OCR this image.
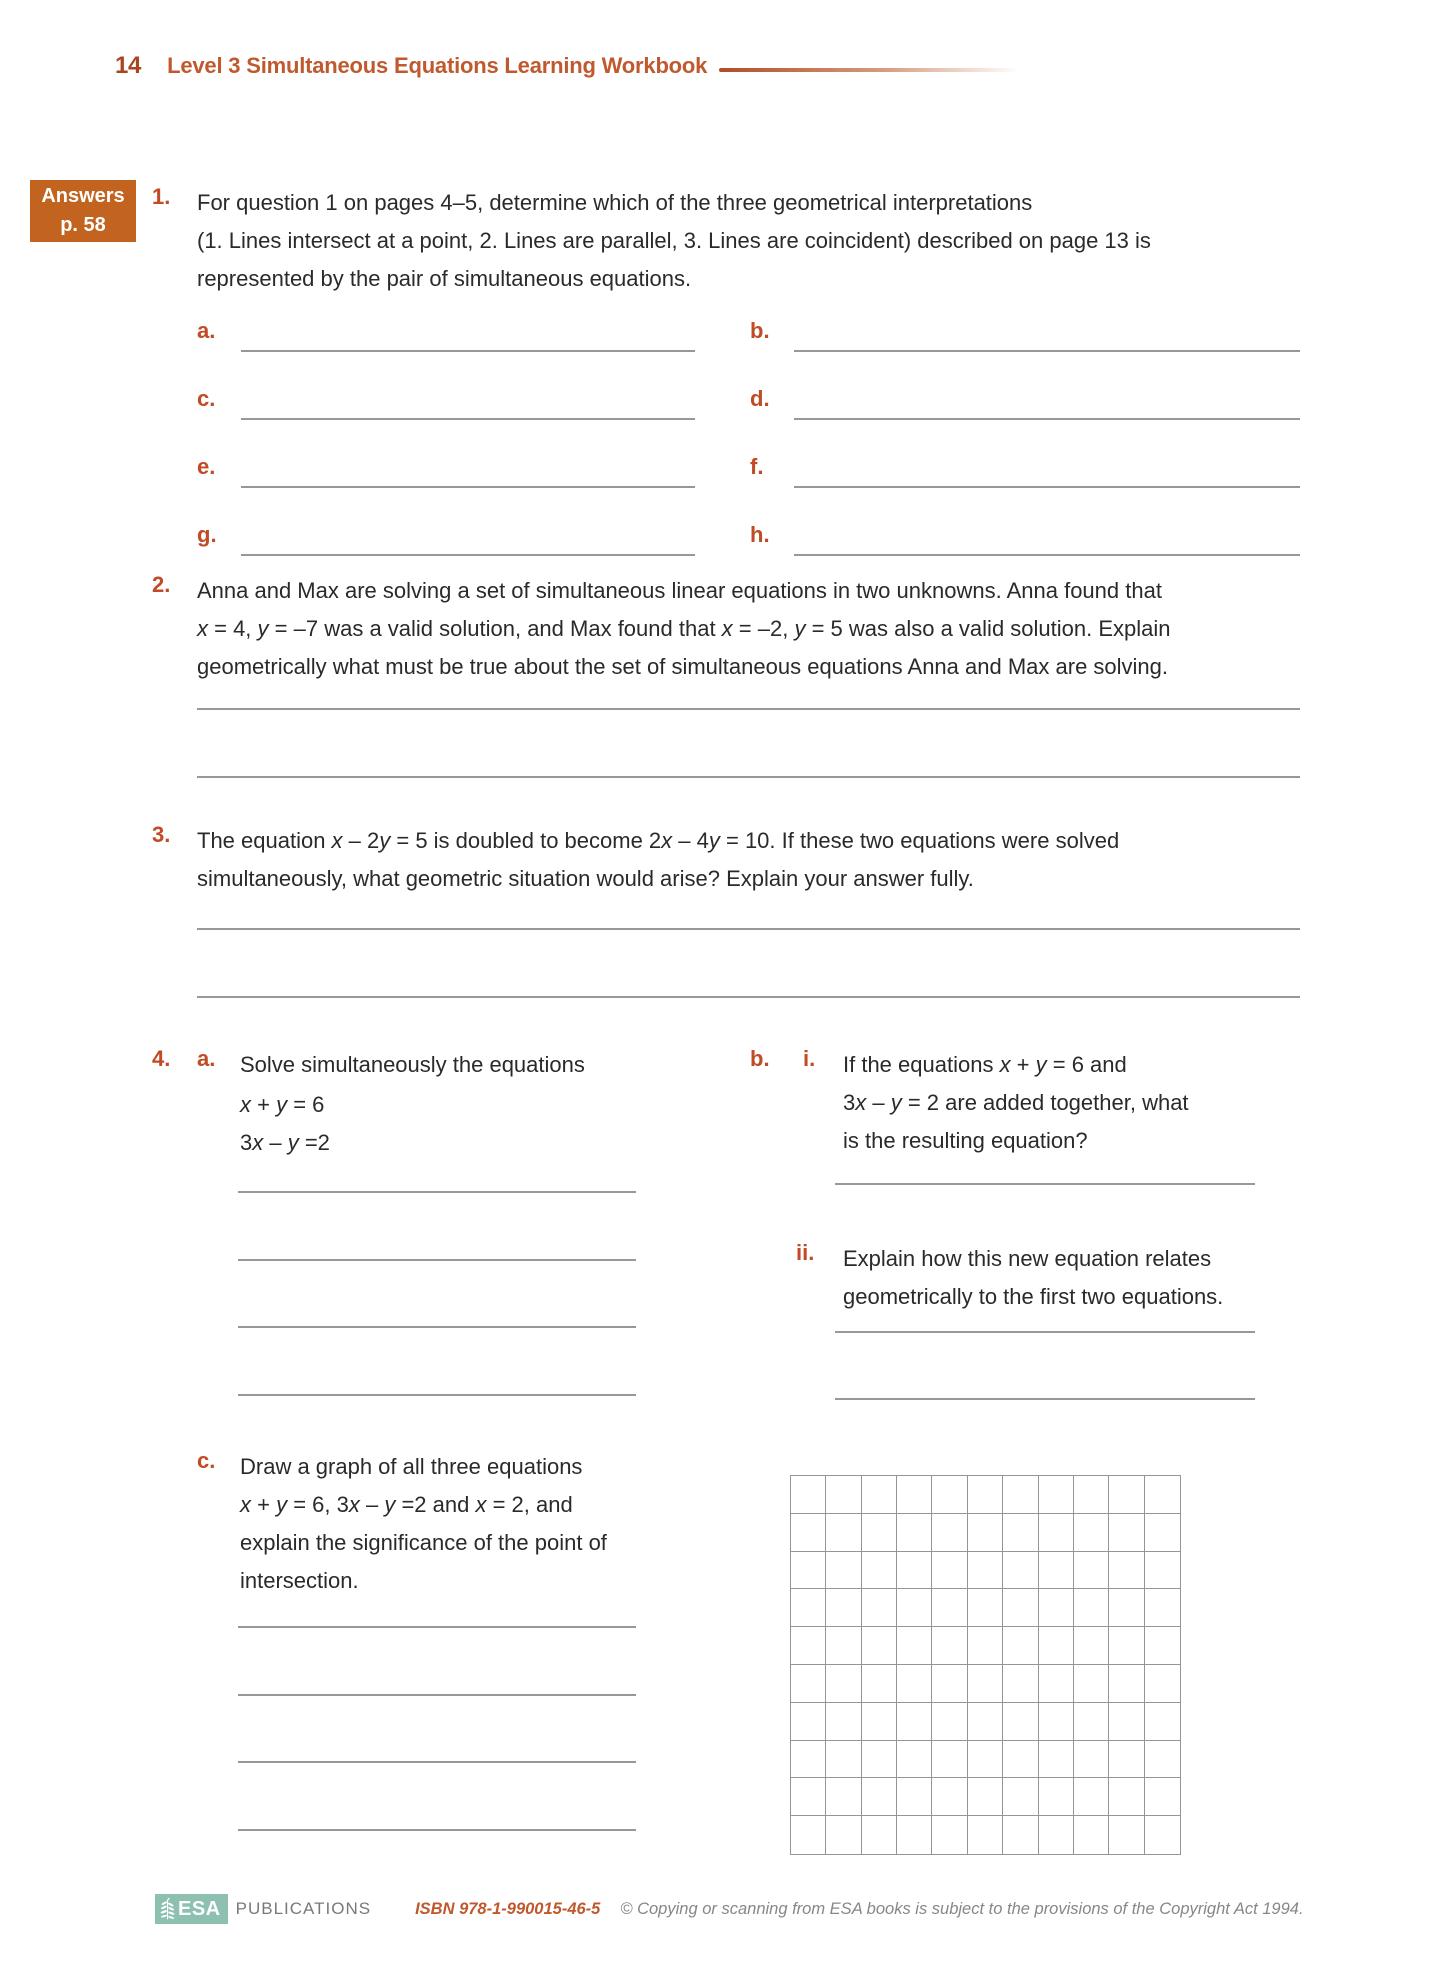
14 Level 3 Simultaneous Equations Learning Workbook
Answers
p. 58
1. For question 1 on pages 4–5, determine which of the three geometrical interpretations
(1. Lines intersect at a point, 2. Lines are parallel, 3. Lines are coincident) described on page 13 is
represented by the pair of simultaneous equations.
a.	b.
c.	d.
e.	f.
g.	h.
2. Anna and Max are solving a set of simultaneous linear equations in two unknowns. Anna found that
x = 4, y = –7 was a valid solution, and Max found that x = –2, y = 5 was also a valid solution. Explain
geometrically what must be true about the set of simultaneous equations Anna and Max are solving.
3. The equation x – 2y = 5 is doubled to become 2x – 4y = 10. If these two equations were solved
simultaneously, what geometric situation would arise? Explain your answer fully.
4. a. Solve simultaneously the equations
x + y = 6
3x – y =2
b. i. If the equations x + y = 6 and
3x – y = 2 are added together, what
is the resulting equation?
ii. Explain how this new equation relates
geometrically to the first two equations.
c. Draw a graph of all three equations
x + y = 6, 3x – y =2 and x = 2, and
explain the significance of the point of
intersection.
ESA PUBLICATIONS	ISBN 978-1-990015-46-5 © Copying or scanning from ESA books is subject to the provisions of the Copyright Act 1994.
